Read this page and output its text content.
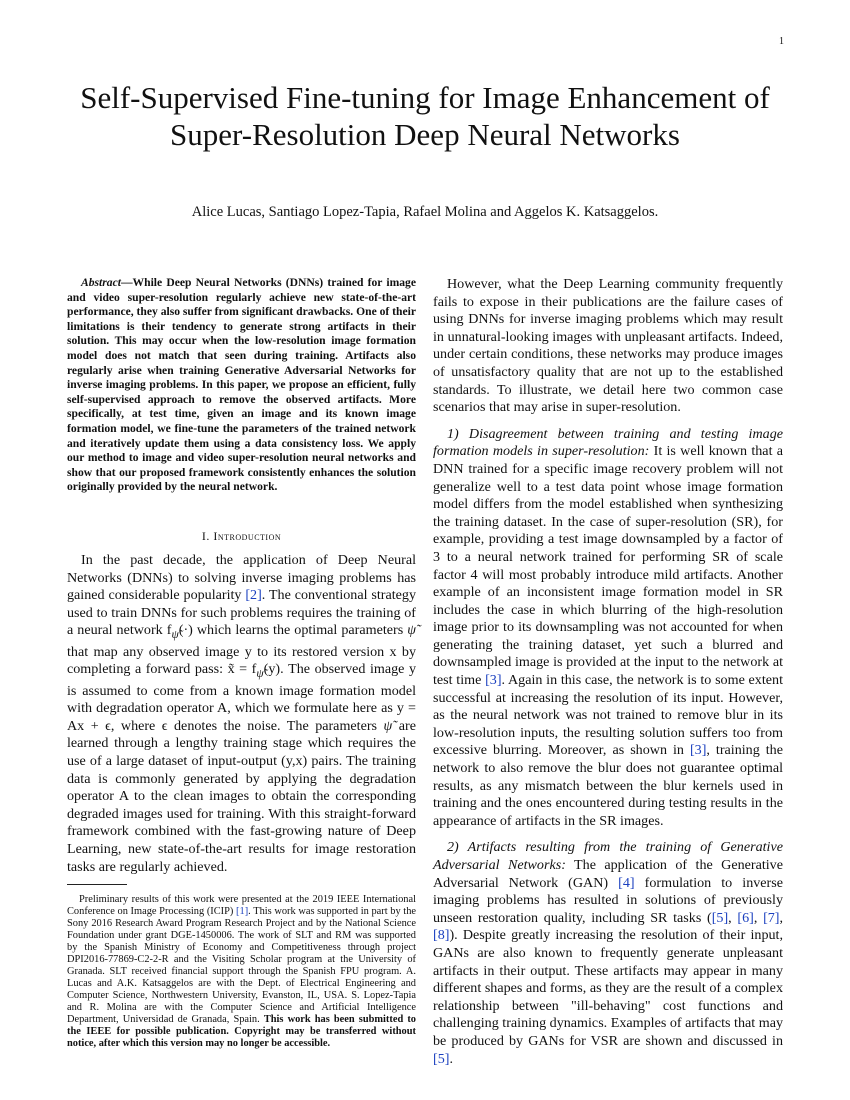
1
Self-Supervised Fine-tuning for Image Enhancement of Super-Resolution Deep Neural Networks
Alice Lucas, Santiago Lopez-Tapia, Rafael Molina and Aggelos K. Katsaggelos.

Abstract—While Deep Neural Networks (DNNs) trained for image and video super-resolution regularly achieve new state-of-the-art performance, they also suffer from significant drawbacks. One of their limitations is their tendency to generate strong artifacts in their solution. This may occur when the low-resolution image formation model does not match that seen during training. Artifacts also regularly arise when training Generative Adversarial Networks for inverse imaging problems. In this paper, we propose an efficient, fully self-supervised approach to remove the observed artifacts. More specifically, at test time, given an image and its known image formation model, we fine-tune the parameters of the trained network and iteratively update them using a data consistency loss. We apply our method to image and video super-resolution neural networks and show that our proposed framework consistently enhances the solution originally provided by the neural network.

I. Introduction

In the past decade, the application of Deep Neural Networks (DNNs) to solving inverse imaging problems has gained considerable popularity [2]. The conventional strategy used to train DNNs for such problems requires the training of a neural network $f_{\psĩ}(\cdot)$ which learns the optimal parameters ψ̃ that map any observed image y to its restored version x by completing a forward pass: x̃ = $f_{\psĩ}(y)$. The observed image y is assumed to come from a known image formation model with degradation operator A, which we formulate here as y = Ax + ϵ, where ϵ denotes the noise. The parameters ψ̃ are learned through a lengthy training stage which requires the use of a large dataset of input-output (y,x) pairs. The training data is commonly generated by applying the degradation operator A to the clean images to obtain the corresponding degraded images used for training. With this straight-forward framework combined with the fast-growing nature of Deep Learning, new state-of-the-art results for image restoration tasks are regularly achieved.

Preliminary results of this work were presented at the 2019 IEEE International Conference on Image Processing (ICIP) [1]. This work was supported in part by the Sony 2016 Research Award Program Research Project and by the National Science Foundation under grant DGE-1450006. The work of SLT and RM was supported by the Spanish Ministry of Economy and Competitiveness through project DPI2016-77869-C2-2-R and the Visiting Scholar program at the University of Granada. SLT received financial support through the Spanish FPU program. A. Lucas and A.K. Katsaggelos are with the Dept. of Electrical Engineering and Computer Science, Northwestern University, Evanston, IL, USA. S. Lopez-Tapia and R. Molina are with the Computer Science and Artificial Intelligence Department, Universidad de Granada, Spain. This work has been submitted to the IEEE for possible publication. Copyright may be transferred without notice, after which this version may no longer be accessible.

However, what the Deep Learning community frequently fails to expose in their publications are the failure cases of using DNNs for inverse imaging problems which may result in unnatural-looking images with unpleasant artifacts. Indeed, under certain conditions, these networks may produce images of unsatisfactory quality that are not up to the established standards. To illustrate, we detail here two common case scenarios that may arise in super-resolution.

1) Disagreement between training and testing image formation models in super-resolution: It is well known that a DNN trained for a specific image recovery problem will not generalize well to a test data point whose image formation model differs from the model established when synthesizing the training dataset. In the case of super-resolution (SR), for example, providing a test image downsampled by a factor of 3 to a neural network trained for performing SR of scale factor 4 will most probably introduce mild artifacts. Another example of an inconsistent image formation model in SR includes the case in which blurring of the high-resolution image prior to its downsampling was not accounted for when generating the training dataset, yet such a blurred and downsampled image is provided at the input to the network at test time [3]. Again in this case, the network is to some extent successful at increasing the resolution of its input. However, as the neural network was not trained to remove blur in its low-resolution inputs, the resulting solution suffers too from excessive blurring. Moreover, as shown in [3], training the network to also remove the blur does not guarantee optimal results, as any mismatch between the blur kernels used in training and the ones encountered during testing results in the appearance of artifacts in the SR images.

2) Artifacts resulting from the training of Generative Adversarial Networks: The application of the Generative Adversarial Network (GAN) [4] formulation to inverse imaging problems has resulted in solutions of previously unseen restoration quality, including SR tasks ([5], [6], [7], [8]). Despite greatly increasing the resolution of their input, GANs are also known to frequently generate unpleasant artifacts in their output. These artifacts may appear in many different shapes and forms, as they are the result of a complex relationship between "ill-behaving" cost functions and challenging training dynamics. Examples of artifacts that may be produced by GANs for VSR are shown and discussed in [5].
